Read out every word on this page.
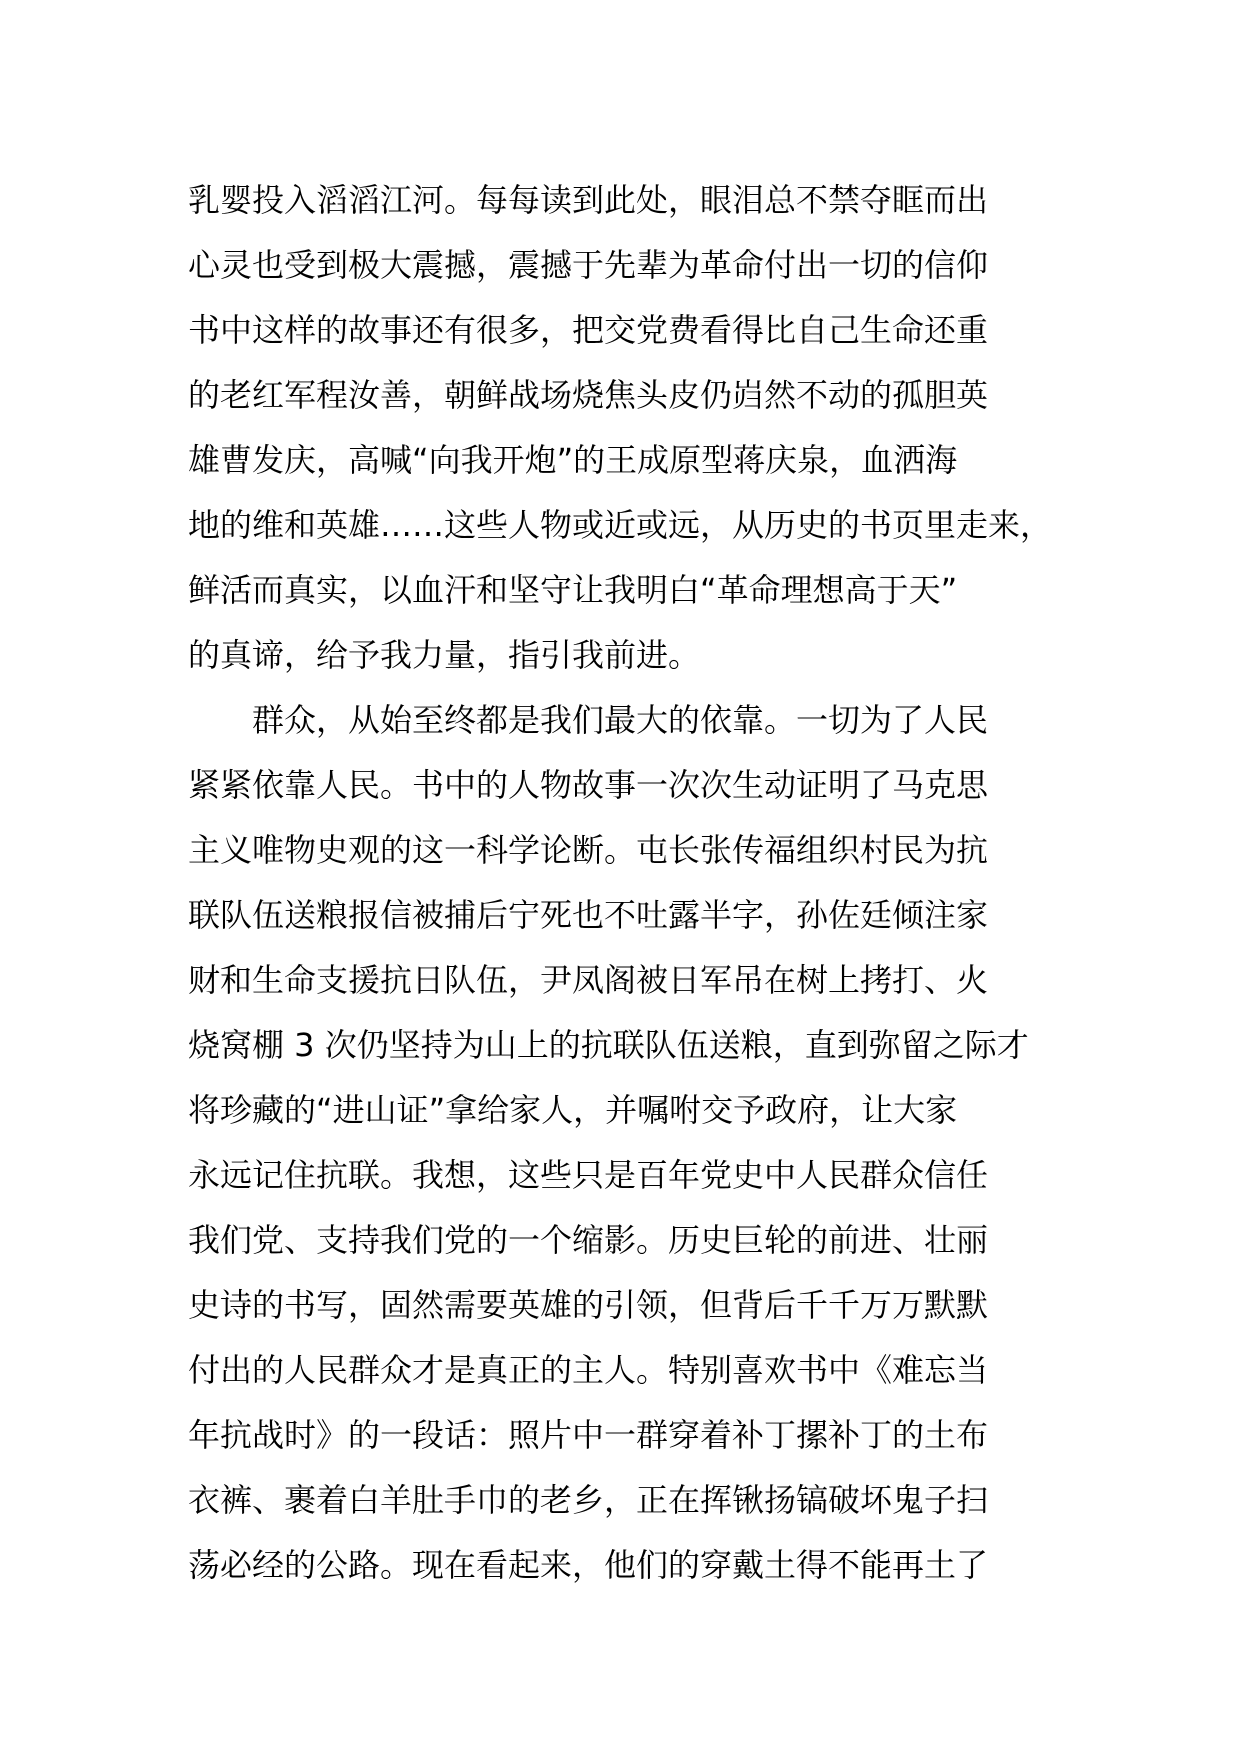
乳婴投入滔滔江河。每每读到此处，眼泪总不禁夺眶而出
心灵也受到极大震撼，震撼于先辈为革命付出一切的信仰
书中这样的故事还有很多，把交党费看得比自己生命还重
的老红军程汝善，朝鲜战场烧焦头皮仍岿然不动的孤胆英
雄曹发庆，高喊“向我开炮”的王成原型蒋庆泉，血洒海
地的维和英雄……这些人物或近或远，从历史的书页里走来，
鲜活而真实，以血汗和坚守让我明白“革命理想高于天”
的真谛，给予我力量，指引我前进。
　　群众，从始至终都是我们最大的依靠。一切为了人民
紧紧依靠人民。书中的人物故事一次次生动证明了马克思
主义唯物史观的这一科学论断。屯长张传福组织村民为抗
联队伍送粮报信被捕后宁死也不吐露半字，孙佐廷倾注家
财和生命支援抗日队伍，尹凤阁被日军吊在树上拷打、火
烧窝棚 3 次仍坚持为山上的抗联队伍送粮，直到弥留之际才
将珍藏的“进山证”拿给家人，并嘱咐交予政府，让大家
永远记住抗联。我想，这些只是百年党史中人民群众信任
我们党、支持我们党的一个缩影。历史巨轮的前进、壮丽
史诗的书写，固然需要英雄的引领，但背后千千万万默默
付出的人民群众才是真正的主人。特别喜欢书中《难忘当
年抗战时》的一段话：照片中一群穿着补丁摞补丁的土布
衣裤、裹着白羊肚手巾的老乡，正在挥锹扬镐破坏鬼子扫
荡必经的公路。现在看起来，他们的穿戴土得不能再土了
